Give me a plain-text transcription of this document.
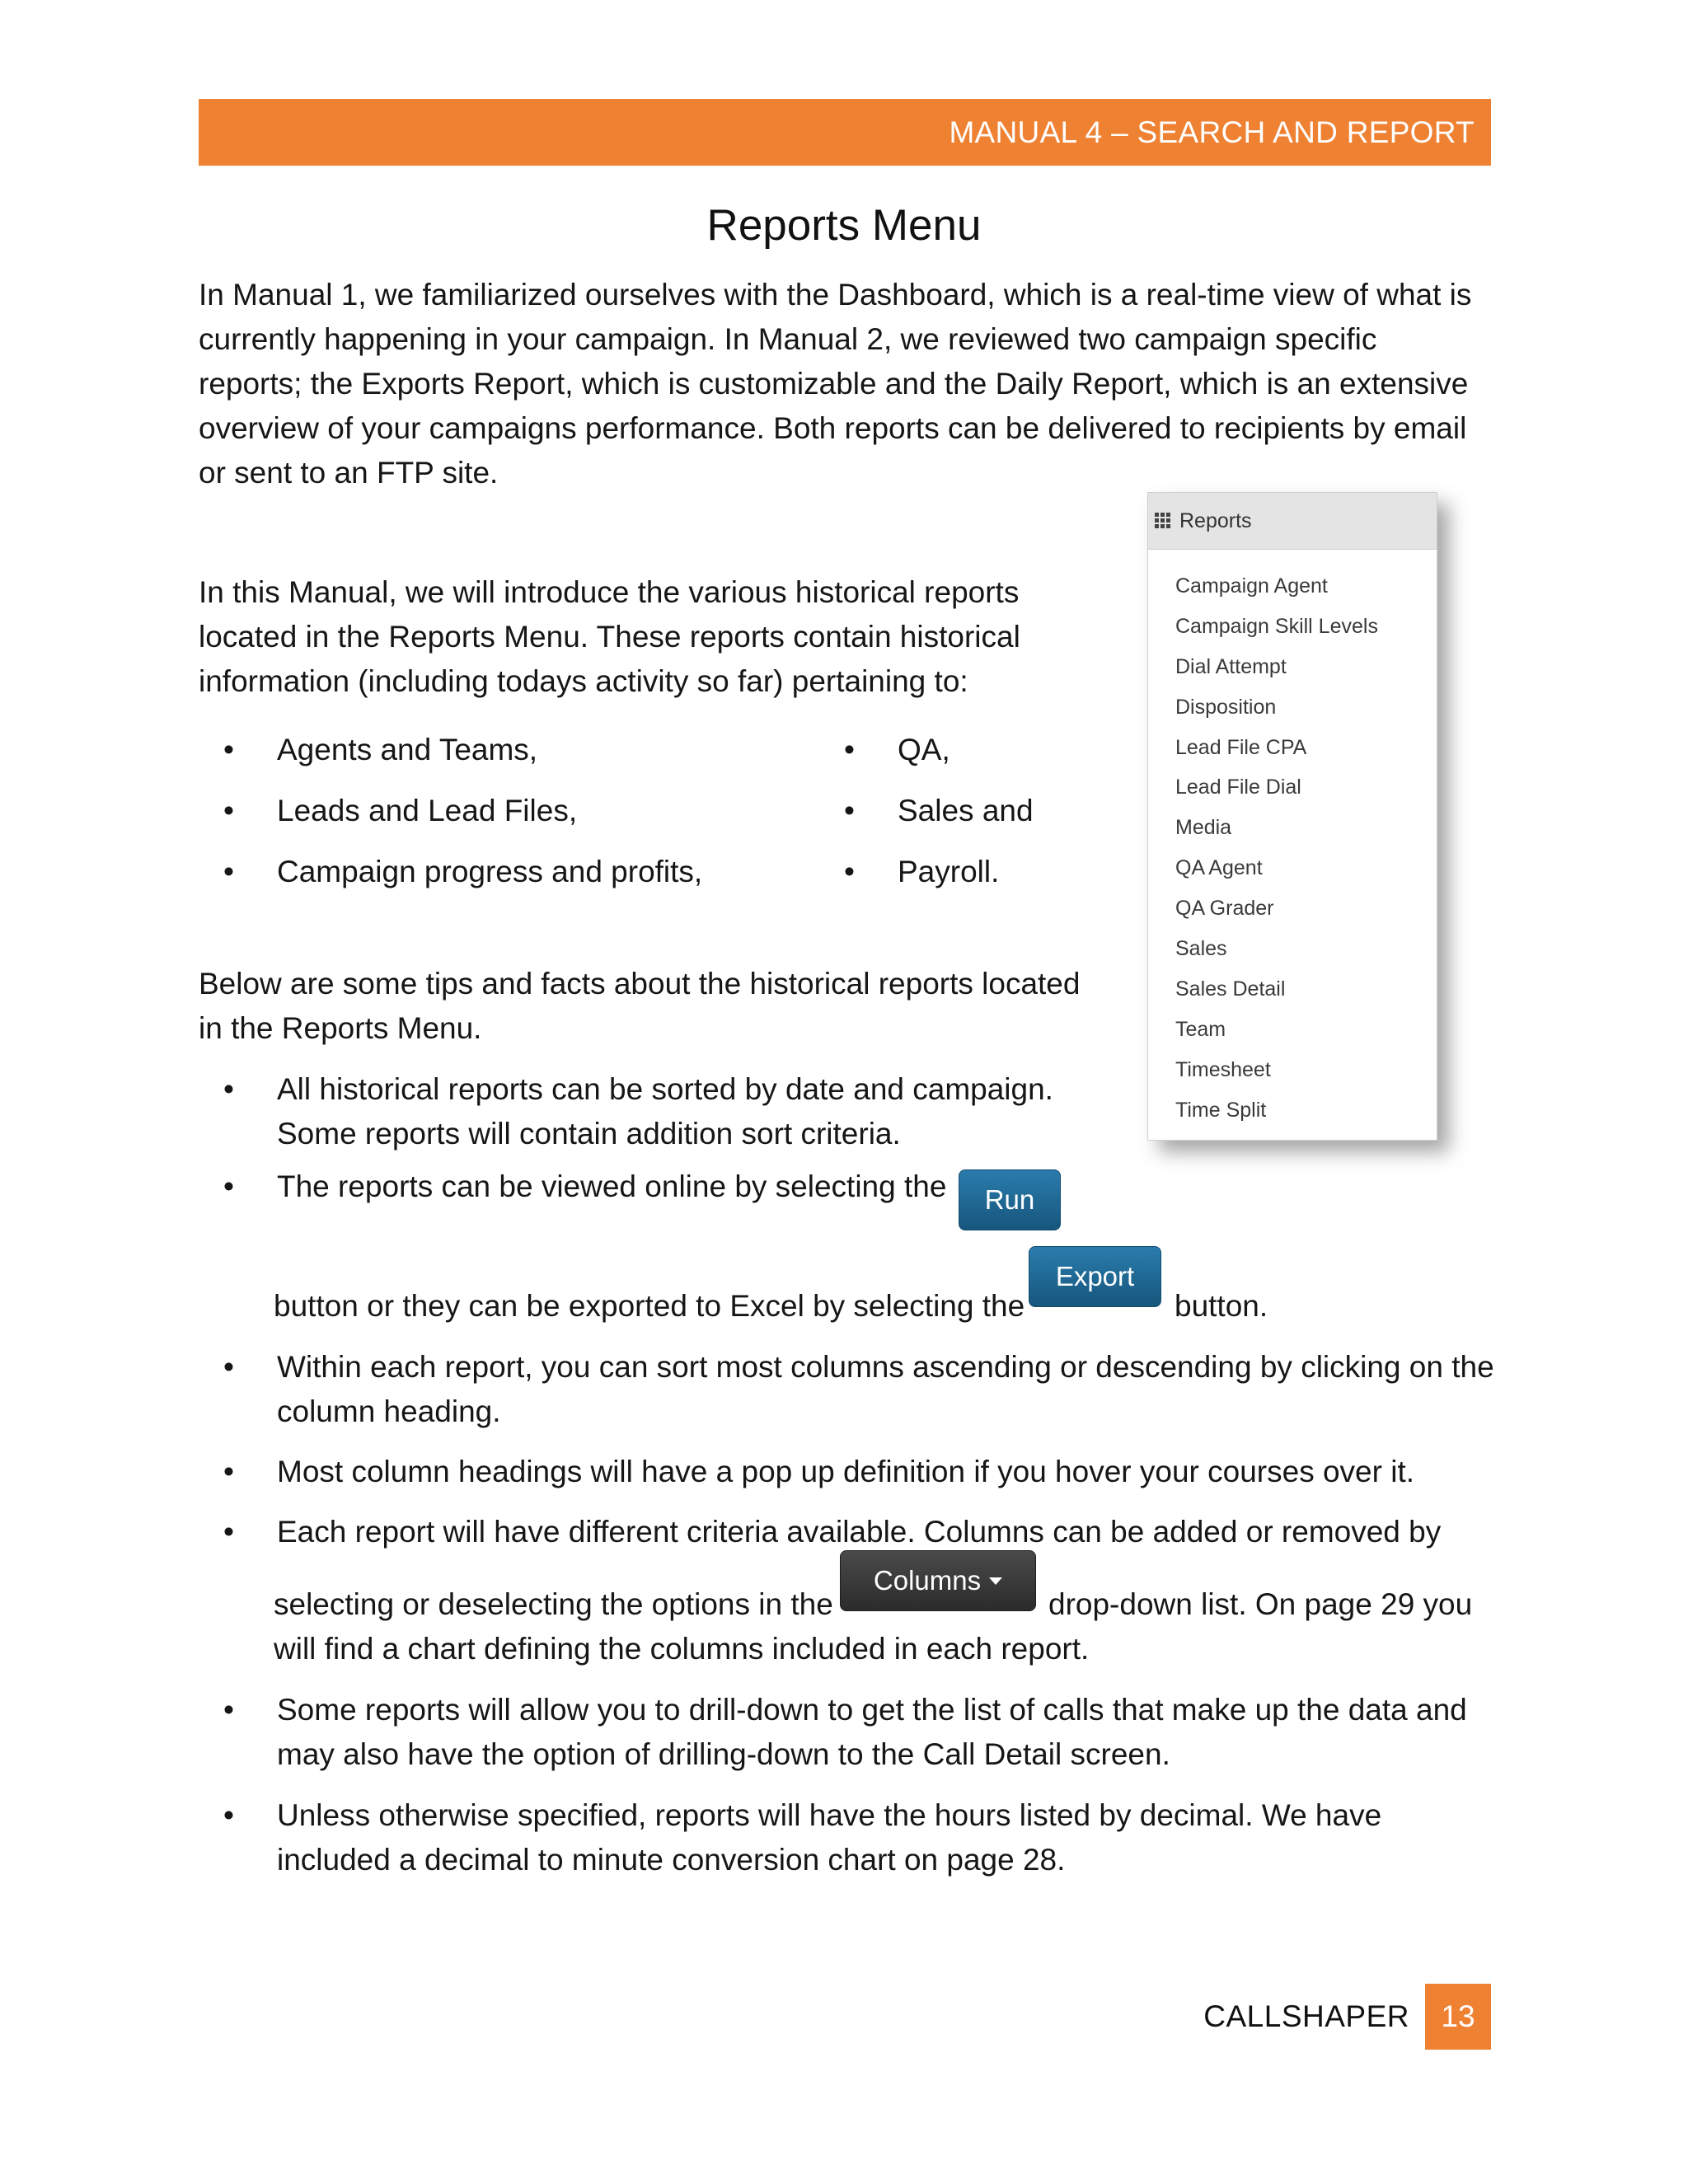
MANUAL 4 – SEARCH AND REPORT
Reports Menu
In Manual 1, we familiarized ourselves with the Dashboard, which is a real-time view of what is
currently happening in your campaign. In Manual 2, we reviewed two campaign specific
reports; the Exports Report, which is customizable and the Daily Report, which is an extensive
overview of your campaigns performance. Both reports can be delivered to recipients by email
or sent to an FTP site.
In this Manual, we will introduce the various historical reports
located in the Reports Menu. These reports contain historical
information (including todays activity so far) pertaining to:
• Agents and Teams,
• Leads and Lead Files,
• Campaign progress and profits,
• QA,
• Sales and
• Payroll.
Below are some tips and facts about the historical reports located
in the Reports Menu.
• All historical reports can be sorted by date and campaign.
Some reports will contain addition sort criteria.
• The reports can be viewed online by selecting the Run
button or they can be exported to Excel by selecting the
Export
button.
• Within each report, you can sort most columns ascending or descending by clicking on the column heading.
• Most column headings will have a pop up definition if you hover your courses over it.
• Each report will have different criteria available. Columns can be added or removed by
selecting or deselecting the options in the
Columns
drop-down list. On page 29 you
will find a chart defining the columns included in each report.
• Some reports will allow you to drill-down to get the list of calls that make up the data and may also have the option of drilling-down to the Call Detail screen.
• Unless otherwise specified, reports will have the hours listed by decimal. We have included a decimal to minute conversion chart on page 28.
Reports
Campaign Agent
Campaign Skill Levels
Dial Attempt
Disposition
Lead File CPA
Lead File Dial
Media
QA Agent
QA Grader
Sales
Sales Detail
Team
Timesheet
Time Split
CALLSHAPER	13
